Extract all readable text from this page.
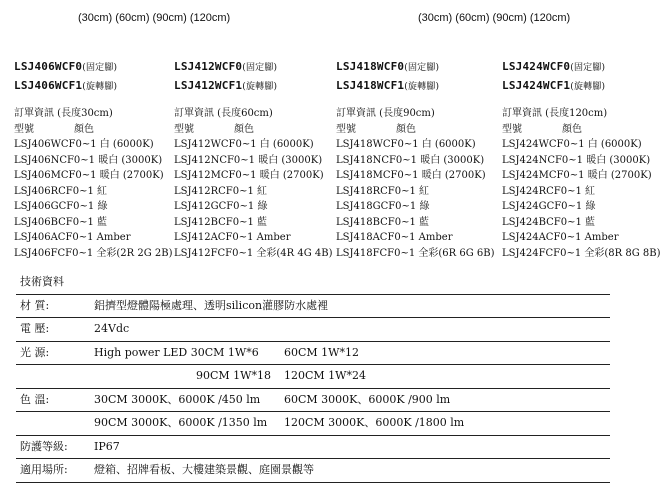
(30cm) (60cm) (90cm) (120cm)	(30cm) (60cm) (90cm) (120cm)
LSJ406WCF0(固定腳)
LSJ406WCF1(旋轉腳)
訂單資訊 (長度30cm)
型號	顏色
LSJ406WCF0~1 白 (6000K)
LSJ406NCF0~1 暖白 (3000K)
LSJ406MCF0~1 暖白 (2700K)
LSJ406RCF0~1 紅
LSJ406GCF0~1 綠
LSJ406BCF0~1 藍
LSJ406ACF0~1 Amber
LSJ406FCF0~1 全彩(2R 2G 2B)
LSJ412WCF0(固定腳)
LSJ412WCF1(旋轉腳)
訂單資訊 (長度60cm)
型號	顏色
LSJ412WCF0~1 白 (6000K)
LSJ412NCF0~1 暖白 (3000K)
LSJ412MCF0~1 暖白 (2700K)
LSJ412RCF0~1 紅
LSJ412GCF0~1 綠
LSJ412BCF0~1 藍
LSJ412ACF0~1 Amber
LSJ412FCF0~1 全彩(4R 4G 4B)
LSJ418WCF0(固定腳)
LSJ418WCF1(旋轉腳)
訂單資訊 (長度90cm)
型號	顏色
LSJ418WCF0~1 白 (6000K)
LSJ418NCF0~1 暖白 (3000K)
LSJ418MCF0~1 暖白 (2700K)
LSJ418RCF0~1 紅
LSJ418GCF0~1 綠
LSJ418BCF0~1 藍
LSJ418ACF0~1 Amber
LSJ418FCF0~1 全彩(6R 6G 6B)
LSJ424WCF0(固定腳)
LSJ424WCF1(旋轉腳)
訂單資訊 (長度120cm)
型號	顏色
LSJ424WCF0~1 白 (6000K)
LSJ424NCF0~1 暖白 (3000K)
LSJ424MCF0~1 暖白 (2700K)
LSJ424RCF0~1 紅
LSJ424GCF0~1 綠
LSJ424BCF0~1 藍
LSJ424ACF0~1 Amber
LSJ424FCF0~1 全彩(8R 8G 8B)
技術資料
材 質:	鋁擠型燈體陽極處理、透明silicon灌膠防水處裡
電 壓:	24Vdc
光 源:	High power LED 30CM 1W*6 60CM 1W*12
90CM 1W*18 120CM 1W*24
色 溫:	30CM 3000K、6000K /450 lm 60CM 3000K、6000K /900 lm
90CM 3000K、6000K /1350 lm 120CM 3000K、6000K /1800 lm
防護等級:	IP67
適用場所:	燈箱、招牌看板、大樓建築景觀、庭園景觀等
